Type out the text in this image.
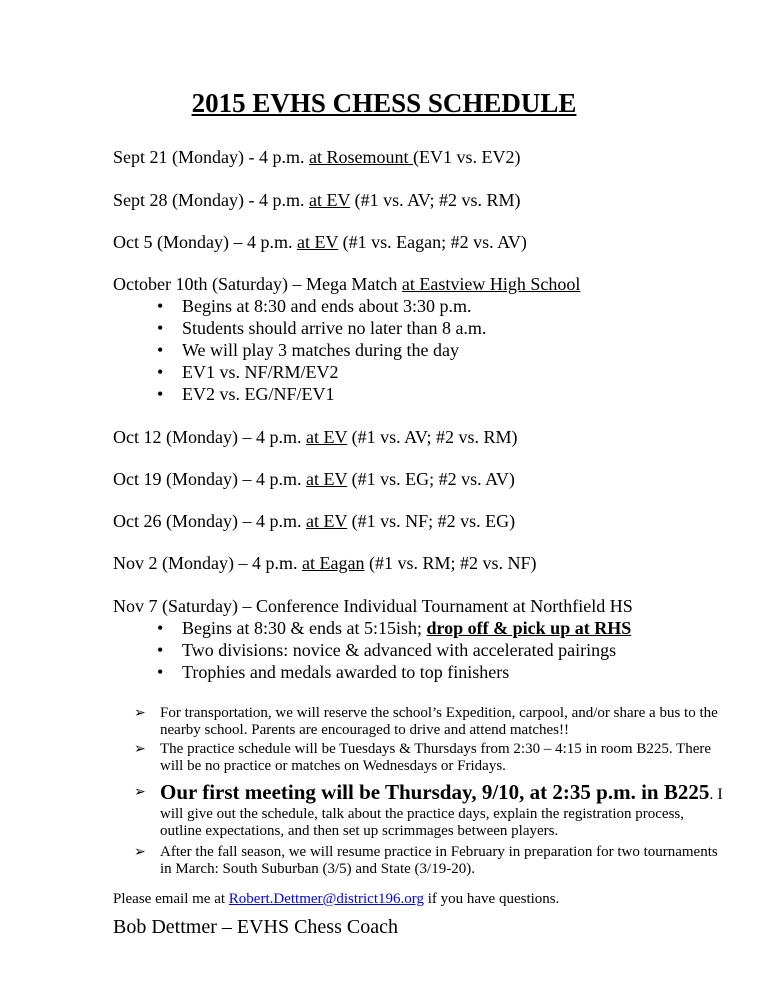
2015 EVHS CHESS SCHEDULE
Sept 21 (Monday) - 4 p.m. at Rosemount (EV1 vs. EV2)
Sept 28 (Monday) - 4 p.m. at EV (#1 vs. AV; #2 vs. RM)
Oct 5 (Monday) – 4 p.m. at EV (#1 vs. Eagan; #2 vs. AV)
October 10th (Saturday) – Mega Match at Eastview High School
• Begins at 8:30 and ends about 3:30 p.m.
• Students should arrive no later than 8 a.m.
• We will play 3 matches during the day
• EV1 vs. NF/RM/EV2
• EV2 vs. EG/NF/EV1
Oct 12 (Monday) – 4 p.m. at EV (#1 vs. AV; #2 vs. RM)
Oct 19 (Monday) – 4 p.m. at EV (#1 vs. EG; #2 vs. AV)
Oct 26 (Monday) – 4 p.m. at EV (#1 vs. NF; #2 vs. EG)
Nov 2 (Monday) – 4 p.m. at Eagan (#1 vs. RM; #2 vs. NF)
Nov 7 (Saturday) – Conference Individual Tournament at Northfield HS
• Begins at 8:30 & ends at 5:15ish; drop off & pick up at RHS
• Two divisions: novice & advanced with accelerated pairings
• Trophies and medals awarded to top finishers
➢ For transportation, we will reserve the school’s Expedition, carpool, and/or share a bus to the nearby school. Parents are encouraged to drive and attend matches!!
➢ The practice schedule will be Tuesdays & Thursdays from 2:30 – 4:15 in room B225. There will be no practice or matches on Wednesdays or Fridays.
➢ Our first meeting will be Thursday, 9/10, at 2:35 p.m. in B225. I
will give out the schedule, talk about the practice days, explain the registration process, outline expectations, and then set up scrimmages between players.
➢ After the fall season, we will resume practice in February in preparation for two tournaments in March: South Suburban (3/5) and State (3/19-20).
Please email me at Robert.Dettmer@district196.org if you have questions.
Bob Dettmer – EVHS Chess Coach
